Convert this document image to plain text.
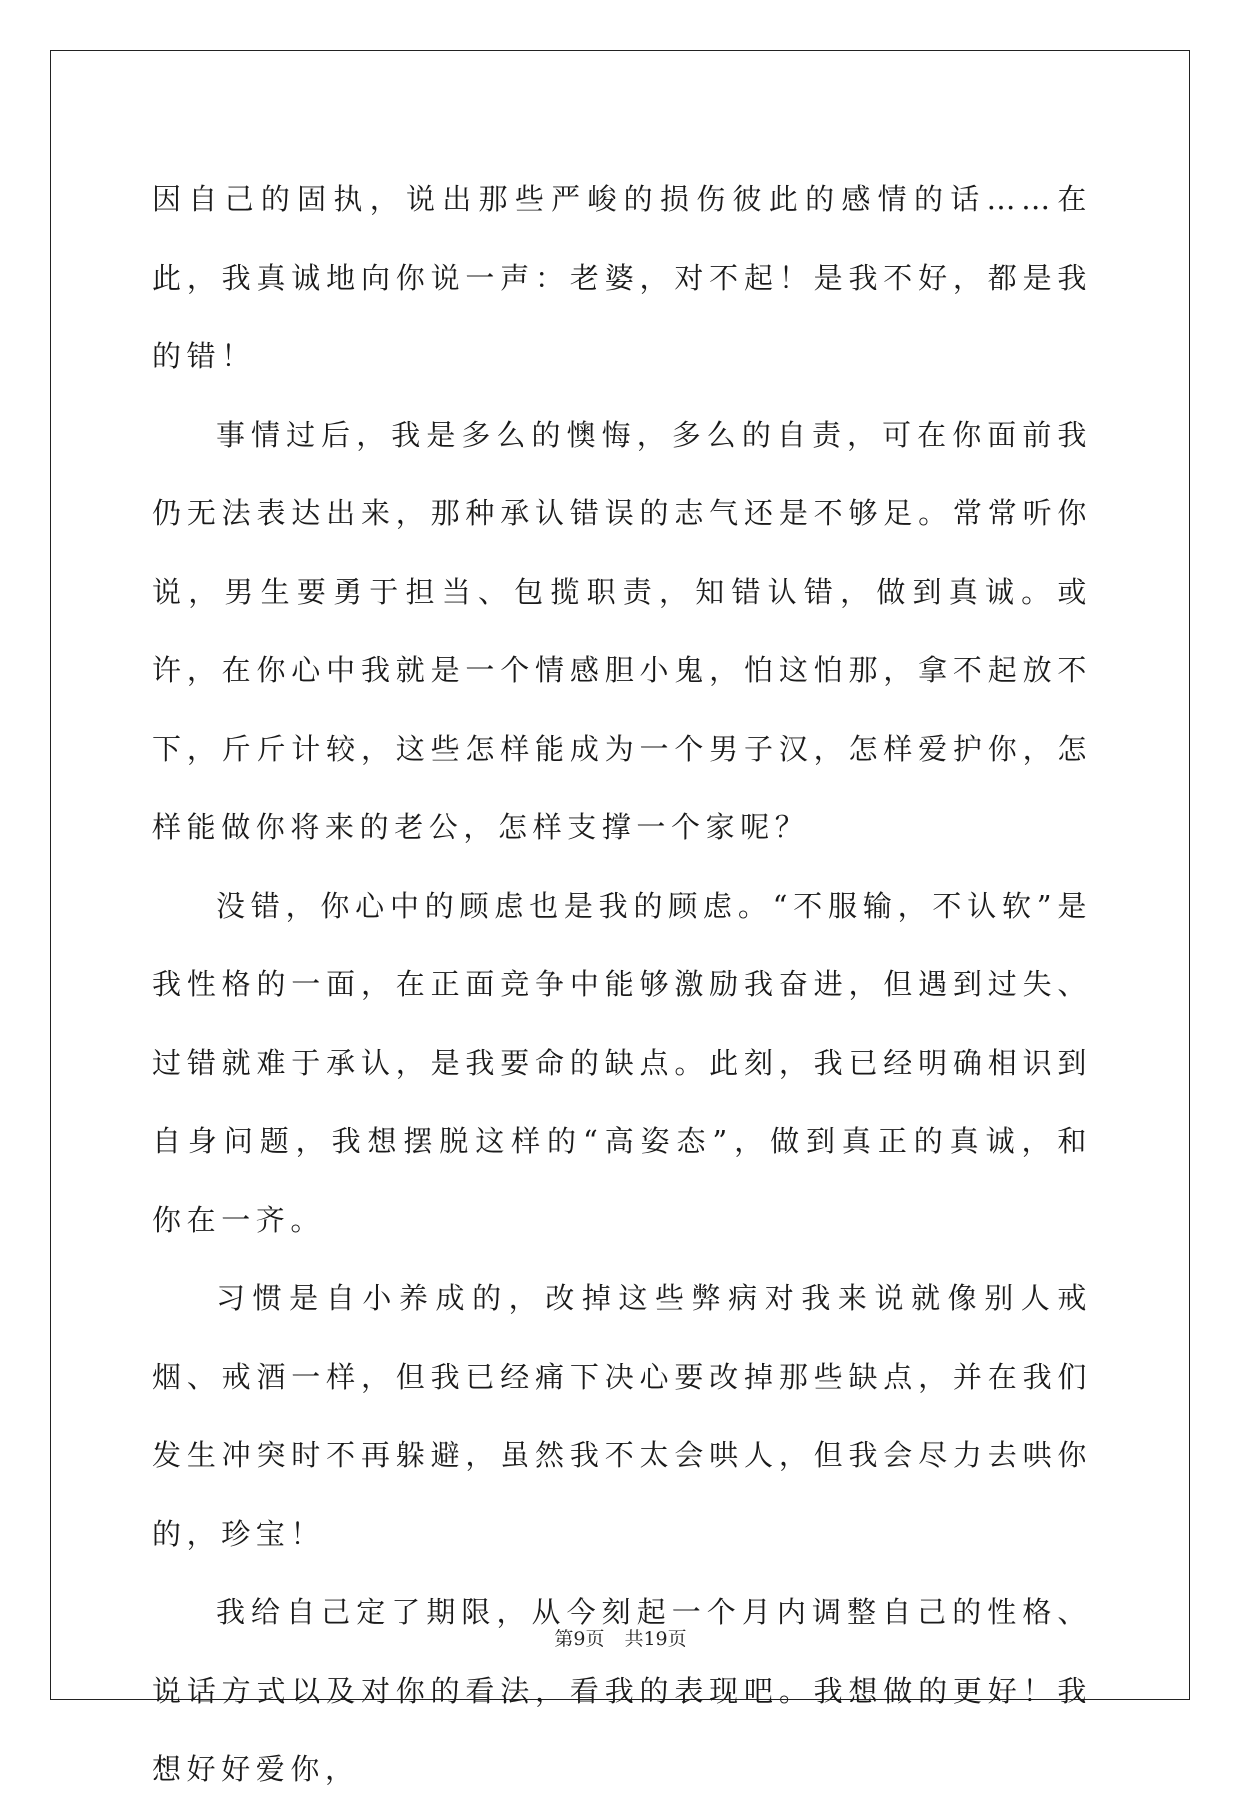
因自己的固执，说出那些严峻的损伤彼此的感情的话……在此，我真诚地向你说一声：老婆，对不起！是我不好，都是我的错！

事情过后，我是多么的懊悔，多么的自责，可在你面前我仍无法表达出来，那种承认错误的志气还是不够足。常常听你说，男生要勇于担当、包揽职责，知错认错，做到真诚。或许，在你心中我就是一个情感胆小鬼，怕这怕那，拿不起放不下，斤斤计较，这些怎样能成为一个男子汉，怎样爱护你，怎样能做你将来的老公，怎样支撑一个家呢？

没错，你心中的顾虑也是我的顾虑。“不服输，不认软”是我性格的一面，在正面竞争中能够激励我奋进，但遇到过失、过错就难于承认，是我要命的缺点。此刻，我已经明确相识到自身问题，我想摆脱这样的“高姿态”，做到真正的真诚，和你在一齐。

习惯是自小养成的，改掉这些弊病对我来说就像别人戒烟、戒酒一样，但我已经痛下决心要改掉那些缺点，并在我们发生冲突时不再躲避，虽然我不太会哄人，但我会尽力去哄你的，珍宝！

我给自己定了期限，从今刻起一个月内调整自己的性格、说话方式以及对你的看法，看我的表现吧。我想做的更好！我想好好爱你，

第9页 共19页
